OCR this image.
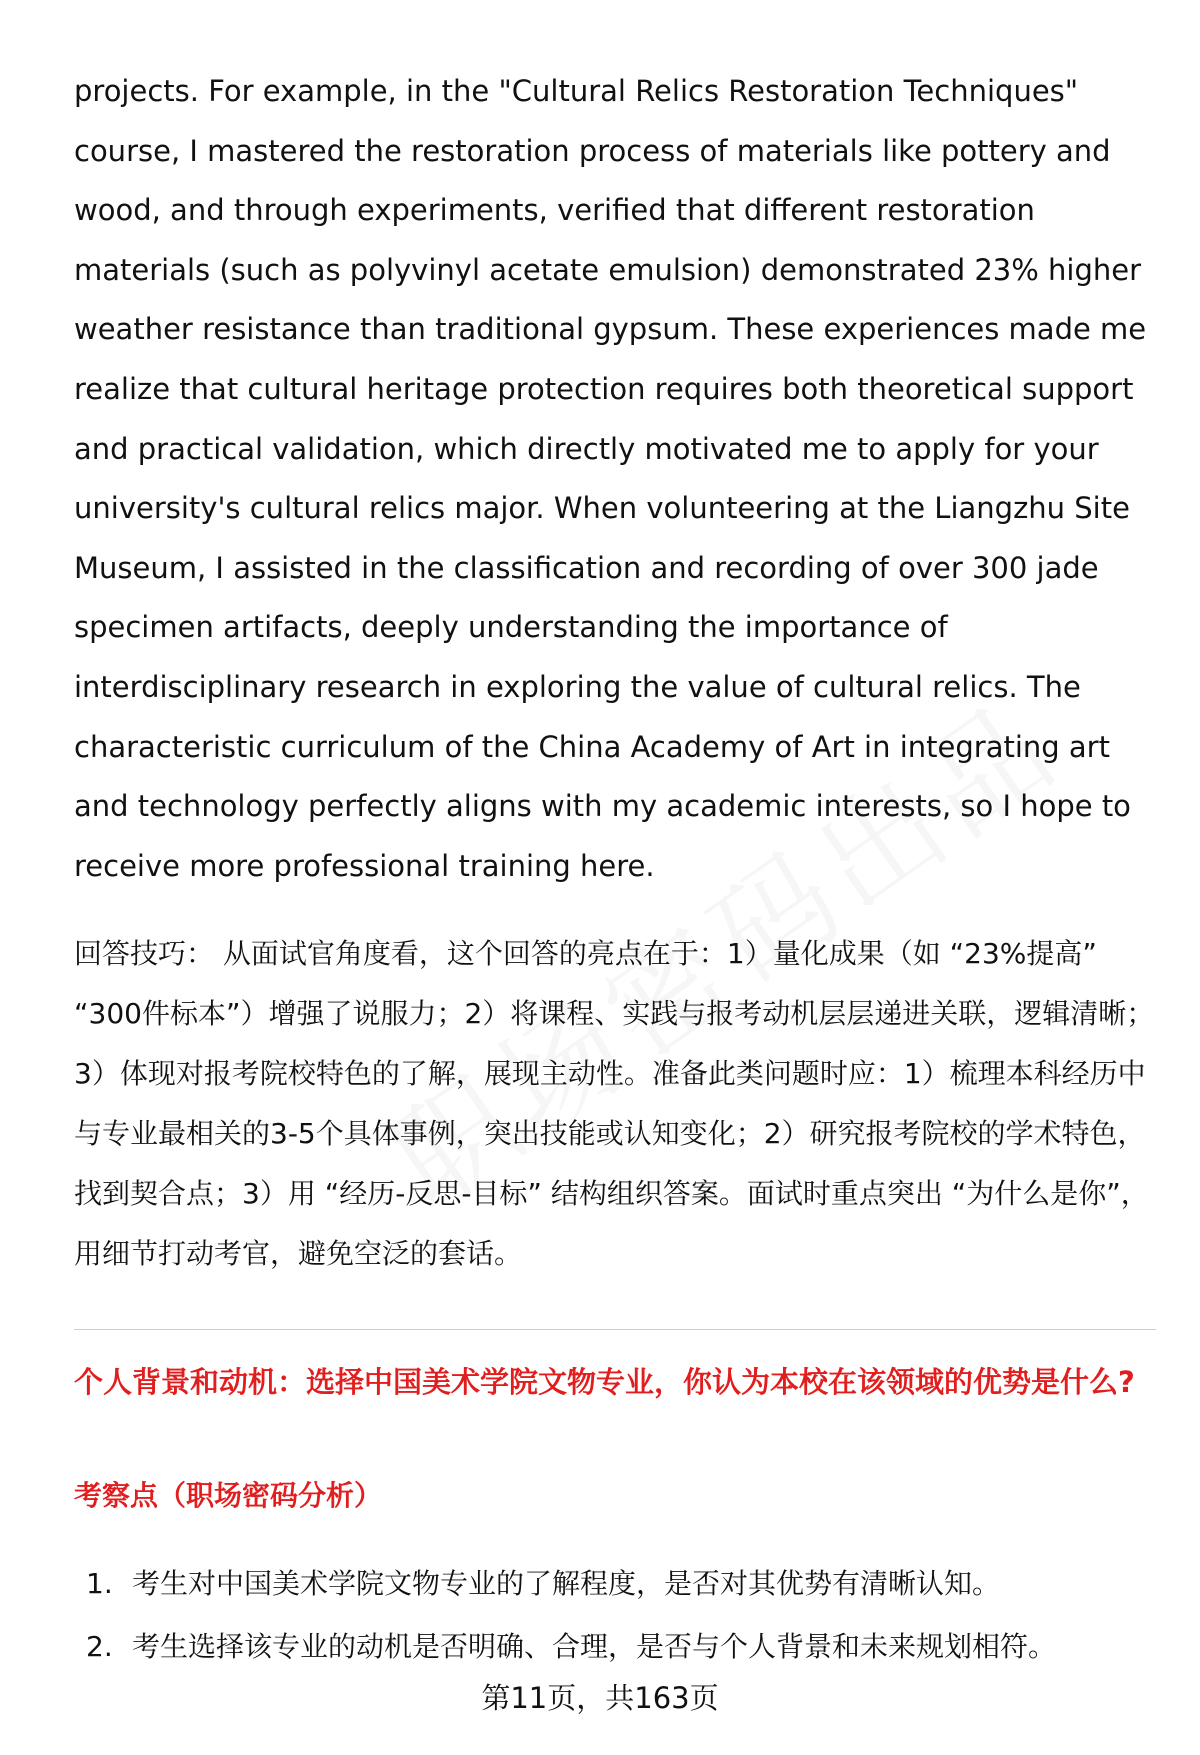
projects. For example, in the "Cultural Relics Restoration Techniques" course, I mastered the restoration process of materials like pottery and wood, and through experiments, verified that different restoration materials (such as polyvinyl acetate emulsion) demonstrated 23% higher weather resistance than traditional gypsum. These experiences made me realize that cultural heritage protection requires both theoretical support and practical validation, which directly motivated me to apply for your university's cultural relics major. When volunteering at the Liangzhu Site Museum, I assisted in the classification and recording of over 300 jade specimen artifacts, deeply understanding the importance of interdisciplinary research in exploring the value of cultural relics. The characteristic curriculum of the China Academy of Art in integrating art and technology perfectly aligns with my academic interests, so I hope to receive more professional training here.

回答技巧： 从面试官角度看，这个回答的亮点在于：1）量化成果（如 “23%提高” “300件标本”）增强了说服力；2）将课程、实践与报考动机层层递进关联，逻辑清晰；3）体现对报考院校特色的了解，展现主动性。准备此类问题时应：1）梳理本科经历中与专业最相关的3-5个具体事例，突出技能或认知变化；2）研究报考院校的学术特色，找到契合点；3）用 “经历-反思-目标” 结构组织答案。面试时重点突出 “为什么是你”，用细节打动考官，避免空泛的套话。

个人背景和动机：选择中国美术学院文物专业，你认为本校在该领域的优势是什么?

考察点（职场密码分析）

1. 考生对中国美术学院文物专业的了解程度，是否对其优势有清晰认知。
2. 考生选择该专业的动机是否明确、合理，是否与个人背景和未来规划相符。
第11页，共163页
